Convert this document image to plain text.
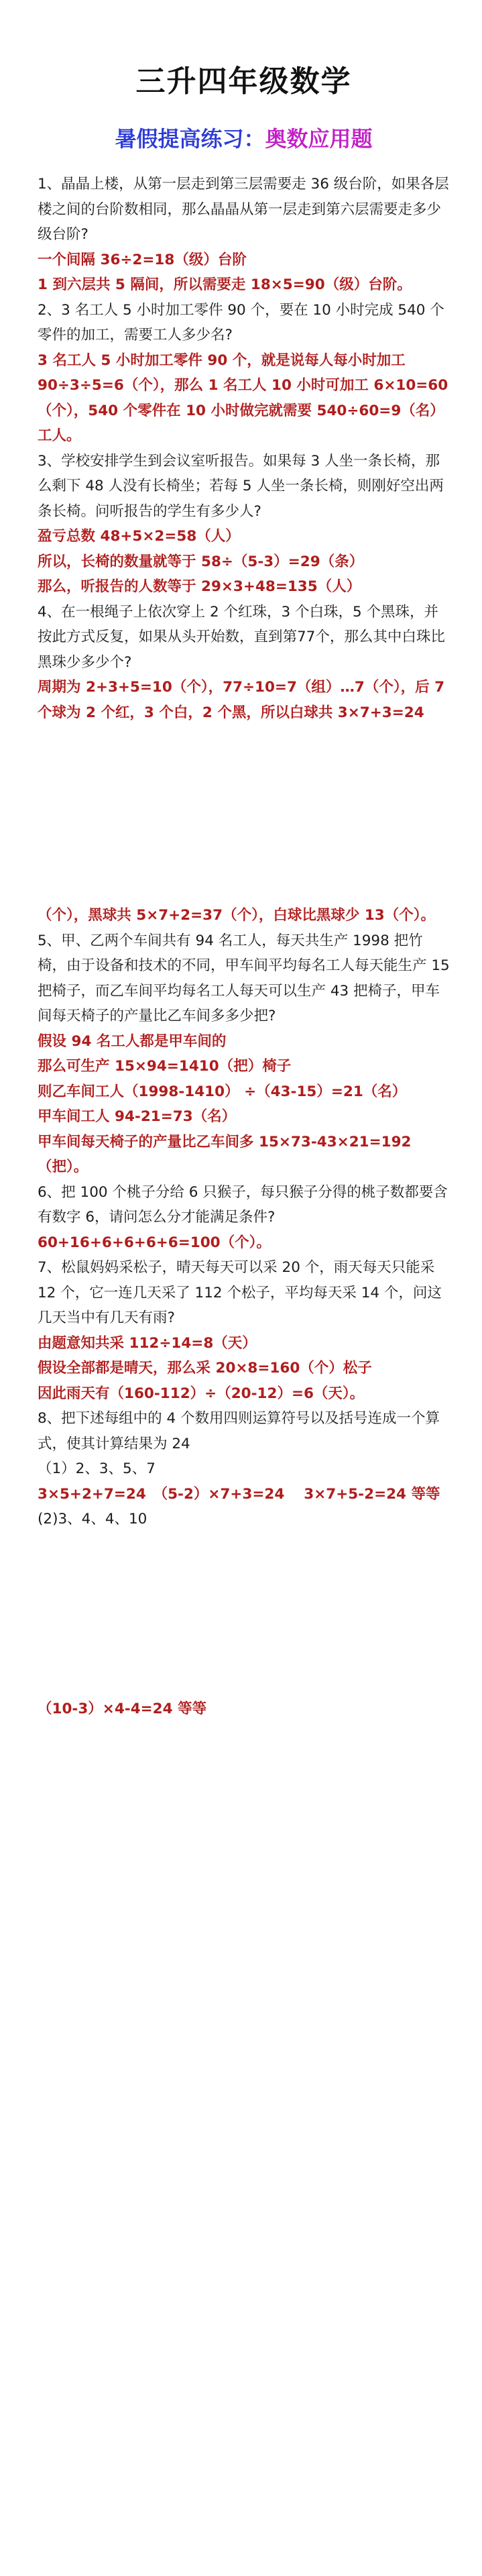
三升四年级数学
暑假提高练习：奥数应用题

1、晶晶上楼，从第一层走到第三层需要走 36 级台阶，如果各层楼之间的台阶数相同，那么晶晶从第一层走到第六层需要走多少级台阶?

一个间隔 36÷2=18（级）台阶

1 到六层共 5 隔间，所以需要走 18×5=90（级）台阶。

2、3 名工人 5 小时加工零件 90 个，要在 10 小时完成 540 个零件的加工，需要工人多少名?

3 名工人 5 小时加工零件 90 个，就是说每人每小时加工 90÷3÷5=6（个），那么 1 名工人 10 小时可加工 6×10=60（个），540 个零件在 10 小时做完就需要 540÷60=9（名）工人。

3、学校安排学生到会议室听报告。如果每 3 人坐一条长椅，那么剩下 48 人没有长椅坐；若每 5 人坐一条长椅，则刚好空出两条长椅。问听报告的学生有多少人?

盈亏总数 48+5×2=58（人）

所以，长椅的数量就等于 58÷（5-3）=29（条）

那么，听报告的人数等于 29×3+48=135（人）

4、在一根绳子上依次穿上 2 个红珠，3 个白珠，5 个黑珠，并按此方式反复，如果从头开始数，直到第77个，那么其中白珠比黑珠少多少个?

周期为 2+3+5=10（个），77÷10=7（组）…7（个），后 7 个球为 2 个红，3 个白，2 个黑，所以白球共 3×7+3=24

（个），黑球共 5×7+2=37（个），白球比黑球少 13（个）。

5、甲、乙两个车间共有 94 名工人，每天共生产 1998 把竹椅，由于设备和技术的不同，甲车间平均每名工人每天能生产 15 把椅子，而乙车间平均每名工人每天可以生产 43 把椅子，甲车间每天椅子的产量比乙车间多多少把?

假设 94 名工人都是甲车间的

那么可生产 15×94=1410（把）椅子

则乙车间工人（1998-1410） ÷（43-15）=21（名）

甲车间工人 94-21=73（名）

甲车间每天椅子的产量比乙车间多 15×73-43×21=192（把）。

6、把 100 个桃子分给 6 只猴子，每只猴子分得的桃子数都要含有数字 6，请问怎么分才能满足条件?

60+16+6+6+6+6=100（个）。

7、松鼠妈妈采松子，晴天每天可以采 20 个，雨天每天只能采 12 个，它一连几天采了 112 个松子，平均每天采 14 个，问这几天当中有几天有雨?

由题意知共采 112÷14=8（天）

假设全部都是晴天，那么采 20×8=160（个）松子

因此雨天有（160-112）÷（20-12）=6（天）。

8、把下述每组中的 4 个数用四则运算符号以及括号连成一个算式，使其计算结果为 24

（1）2、3、5、7

3×5+2+7=24　（5-2）×7+3=24　 3×7+5-2=24 等等

(2)3、4、4、10

（10-3）×4-4=24 等等
